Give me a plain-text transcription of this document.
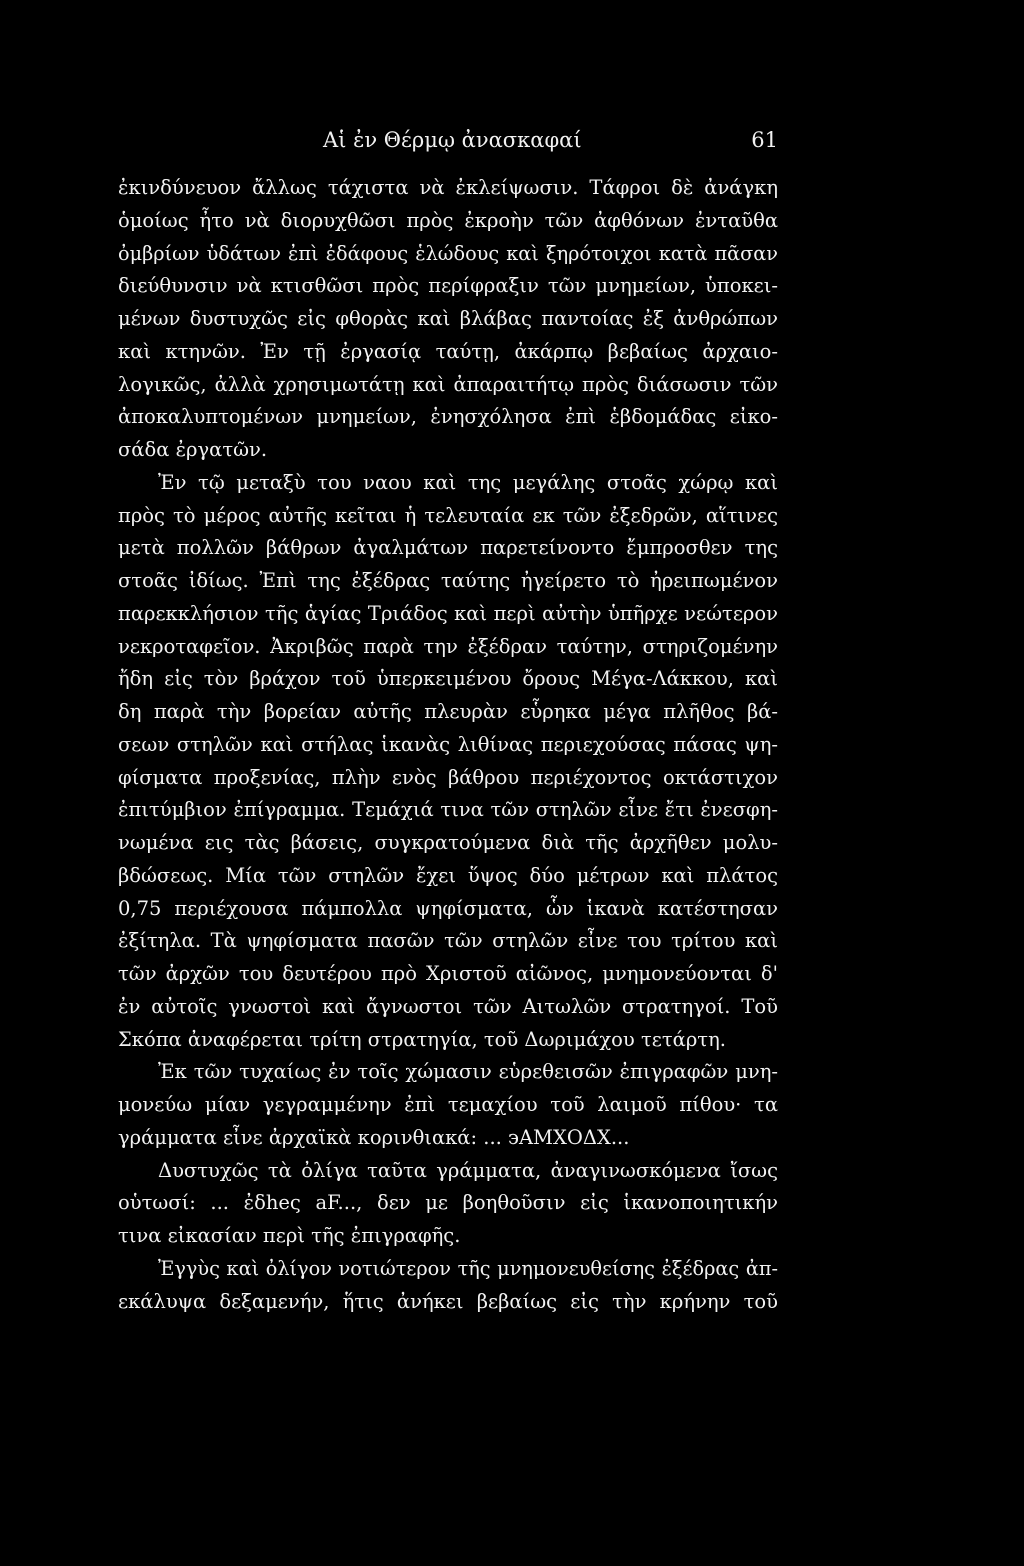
Αἱ ἐν Θέρμῳ ἀνασκαφαί	61
ἐκινδύνευον ἄλλως τάχιστα νὰ ἐκλείψωσιν. Τάφροι δὲ ἀνάγκη
ὁμοίως ἦτο νὰ διορυχθῶσι πρὸς ἐκροὴν τῶν ἀφθόνων ἐνταῦθα
ὀμβρίων ὑδάτων ἐπὶ ἐδάφους ἑλώδους καὶ ξηρότοιχοι κατὰ πᾶσαν
διεύθυνσιν νὰ κτισθῶσι πρὸς περίφραξιν τῶν μνημείων, ὑποκει-
μένων δυστυχῶς εἰς φθορὰς καὶ βλάβας παντοίας ἐξ ἀνθρώπων
καὶ κτηνῶν. Ἐν τῇ ἐργασίᾳ ταύτῃ, ἀκάρπῳ βεβαίως ἀρχαιο-
λογικῶς, ἀλλὰ χρησιμωτάτῃ καὶ ἀπαραιτήτῳ πρὸς διάσωσιν τῶν
ἀποκαλυπτομένων μνημείων, ἐνησχόλησα ἐπὶ ἑβδομάδας εἰκο-
σάδα ἐργατῶν.
Ἐν τῷ μεταξὺ του ναου καὶ της μεγάλης στοᾶς χώρῳ καὶ
πρὸς τὸ μέρος αὐτῆς κεῖται ἡ τελευταία εκ τῶν ἐξεδρῶν, αἵτινες
μετὰ πολλῶν βάθρων ἀγαλμάτων παρετείνοντο ἔμπροσθεν της
στοᾶς ἰδίως. Ἐπὶ της ἐξέδρας ταύτης ἠγείρετο τὸ ἠρειπωμένον
παρεκκλήσιον τῆς ἁγίας Τριάδος καὶ περὶ αὐτὴν ὑπῆρχε νεώτερον
νεκροταφεῖον. Ἀκριβῶς παρὰ την ἐξέδραν ταύτην, στηριζομένην
ἤδη εἰς τὸν βράχον τοῦ ὑπερκειμένου ὄρους Μέγα-Λάκκου, καὶ
δη παρὰ τὴν βορείαν αὐτῆς πλευρὰν εὗρηκα μέγα πλῆθος βά-
σεων στηλῶν καὶ στήλας ἱκανὰς λιθίνας περιεχούσας πάσας ψη-
φίσματα προξενίας, πλὴν ενὸς βάθρου περιέχοντος οκτάστιχον
ἐπιτύμβιον ἐπίγραμμα. Τεμάχιά τινα τῶν στηλῶν εἶνε ἔτι ἐνεσφη-
νωμένα εις τὰς βάσεις, συγκρατούμενα διὰ τῆς ἀρχῆθεν μολυ-
βδώσεως. Μία τῶν στηλῶν ἔχει ὕψος δύο μέτρων καὶ πλάτος
0,75 περιέχουσα πάμπολλα ψηφίσματα, ὧν ἱκανὰ κατέστησαν
ἐξίτηλα. Τὰ ψηφίσματα πασῶν τῶν στηλῶν εἶνε του τρίτου καὶ
τῶν ἀρχῶν του δευτέρου πρὸ Χριστοῦ αἰῶνος, μνημονεύονται δ'
ἐν αὐτοῖς γνωστοὶ καὶ ἄγνωστοι τῶν Αιτωλῶν στρατηγοί. Τοῦ
Σκόπα ἀναφέρεται τρίτη στρατηγία, τοῦ Δωριμάχου τετάρτη.
Ἐκ τῶν τυχαίως ἐν τοῖς χώμασιν εὑρεθεισῶν ἐπιγραφῶν μνη-
μονεύω μίαν γεγραμμένην ἐπὶ τεμαχίου τοῦ λαιμοῦ πίθου· τα
γράμματα εἶνε ἀρχαϊκὰ κορινθιακά: ... ϶ΑΜΧΟΔΧ...
Δυστυχῶς τὰ ὀλίγα ταῦτα γράμματα, ἀναγινωσκόμενα ἴσως
οὑτωσί: ... ἐδheς aF..., δεν με βοηθοῦσιν εἰς ἱκανοποιητικήν
τινα εἰκασίαν περὶ τῆς ἐπιγραφῆς.
Ἐγγὺς καὶ ὀλίγον νοτιώτερον τῆς μνημονευθείσης ἐξέδρας ἀπ-
εκάλυψα δεξαμενήν, ἥτις ἀνήκει βεβαίως εἰς τὴν κρήνην τοῦ
